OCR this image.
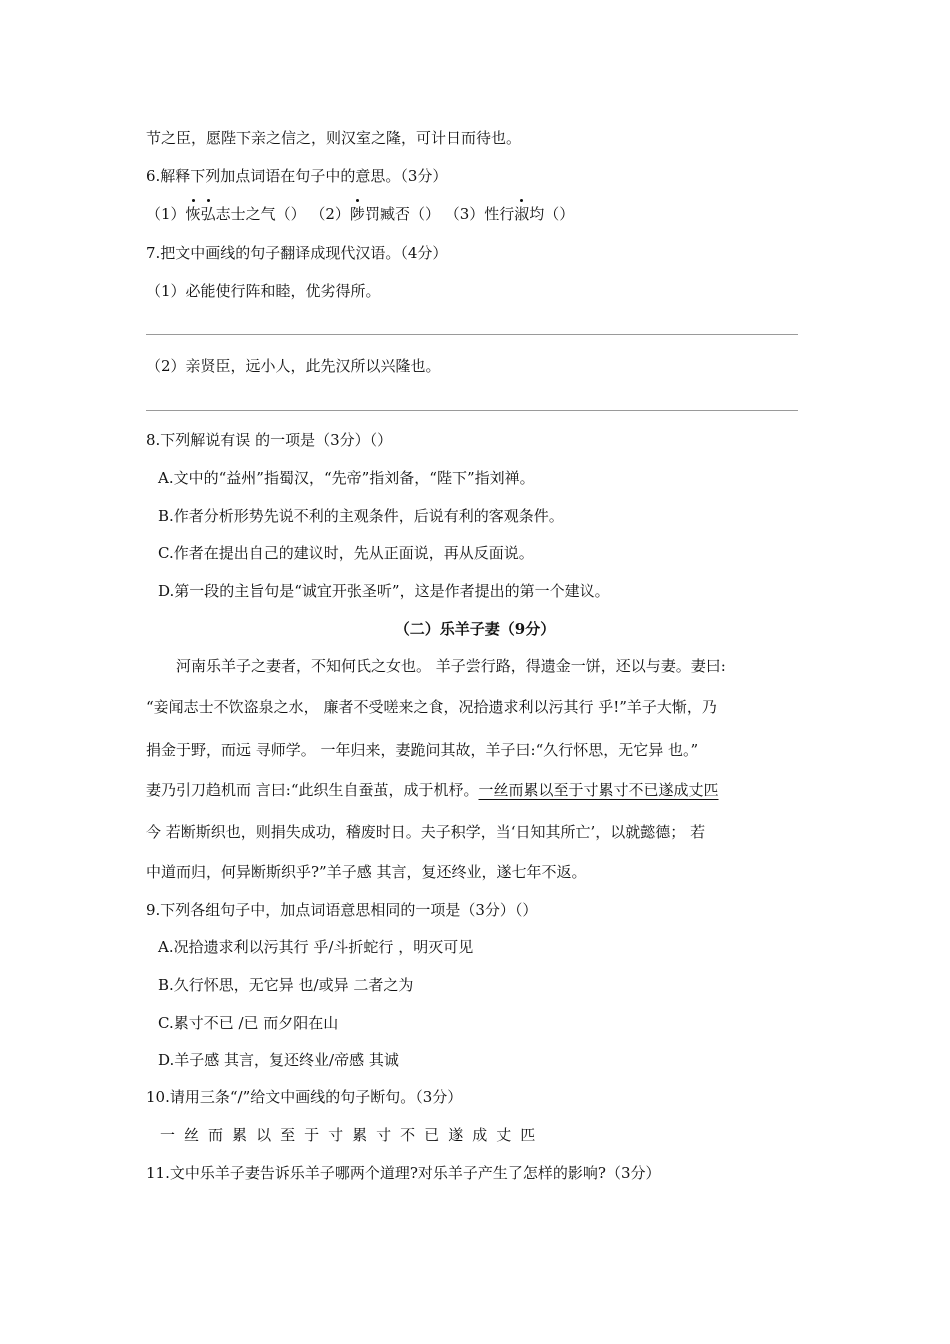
节之臣，愿陛下亲之信之，则汉室之隆，可计日而待也。
6.解释下列加点词语在句子中的意思。（3分）
（1）恢弘志士之气（） （2）陟罚臧否（） （3）性行淑均（）
7.把文中画线的句子翻译成现代汉语。（4分）
（1）必能使行阵和睦，优劣得所。
（2）亲贤臣，远小人，此先汉所以兴隆也。
8.下列解说有误 的一项是（3分）（）
A.文中的“益州”指蜀汉，“先帝”指刘备，“陛下”指刘禅。
B.作者分析形势先说不利的主观条件，后说有利的客观条件。
C.作者在提出自己的建议时，先从正面说，再从反面说。
D.第一段的主旨句是“诚宜开张圣听”，这是作者提出的第一个建议。
（二）乐羊子妻（9分）
河南乐羊子之妻者，不知何氏之女也。 羊子尝行路，得遗金一饼，还以与妻。妻曰:
“妾闻志士不饮盗泉之水， 廉者不受嗟来之食，况拾遗求利以污其行 乎!”羊子大惭，乃
捐金于野，而远 寻师学。 一年归来，妻跪问其故，羊子曰:“久行怀思，无它异 也。”
妻乃引刀趋机而 言曰:“此织生自蚕茧，成于机杼。一丝而累以至于寸累寸不已遂成丈匹
今 若断斯织也，则捐失成功，稽废时日。夫子积学，当‘日知其所亡’，以就懿德； 若
中道而归，何异断斯织乎?”羊子感 其言，复还终业，遂七年不返。
9.下列各组句子中，加点词语意思相同的一项是（3分）（）
A.况拾遗求利以污其行 乎/斗折蛇行 ，明灭可见
B.久行怀思，无它异 也/或异 二者之为
C.累寸不已 /已 而夕阳在山
D.羊子感 其言，复还终业/帝感 其诚
10.请用三条“/”给文中画线的句子断句。（3分）
一 丝 而 累 以 至 于 寸 累 寸 不 已 遂 成 丈 匹
11.文中乐羊子妻告诉乐羊子哪两个道理?对乐羊子产生了怎样的影响?（3分）
